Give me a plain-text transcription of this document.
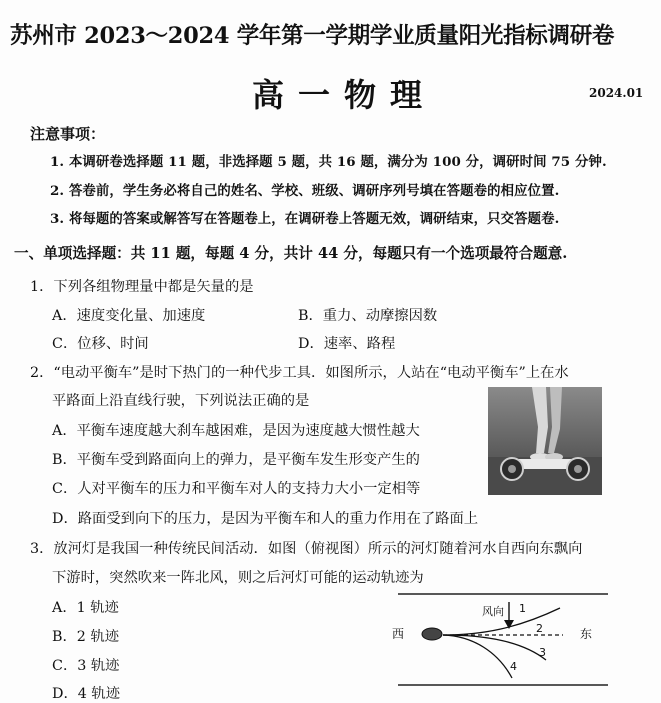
苏州市 2023～2024 学年第一学期学业质量阳光指标调研卷
高一物理	2024.01
注意事项：
1. 本调研卷选择题 11 题，非选择题 5 题，共 16 题，满分为 100 分，调研时间 75 分钟.
2. 答卷前，学生务必将自己的姓名、学校、班级、调研序列号填在答题卷的相应位置.
3. 将每题的答案或解答写在答题卷上，在调研卷上答题无效，调研结束，只交答题卷.
一、单项选择题：共 11 题，每题 4 分，共计 44 分，每题只有一个选项最符合题意.
1．下列各组物理量中都是矢量的是
A．速度变化量、加速度	B．重力、动摩擦因数
C．位移、时间	D．速率、路程
2．“电动平衡车”是时下热门的一种代步工具．如图所示，人站在“电动平衡车”上在水
平路面上沿直线行驶，下列说法正确的是
A．平衡车速度越大刹车越困难，是因为速度越大惯性越大
B．平衡车受到路面向上的弹力，是平衡车发生形变产生的
C．人对平衡车的压力和平衡车对人的支持力大小一定相等
D．路面受到向下的压力，是因为平衡车和人的重力作用在了路面上
3．放河灯是我国一种传统民间活动．如图（俯视图）所示的河灯随着河水自西向东飘向
下游时，突然吹来一阵北风，则之后河灯可能的运动轨迹为
A．1 轨迹
B．2 轨迹
C．3 轨迹
D．4 轨迹
西	东
风向 1
2
3
4
